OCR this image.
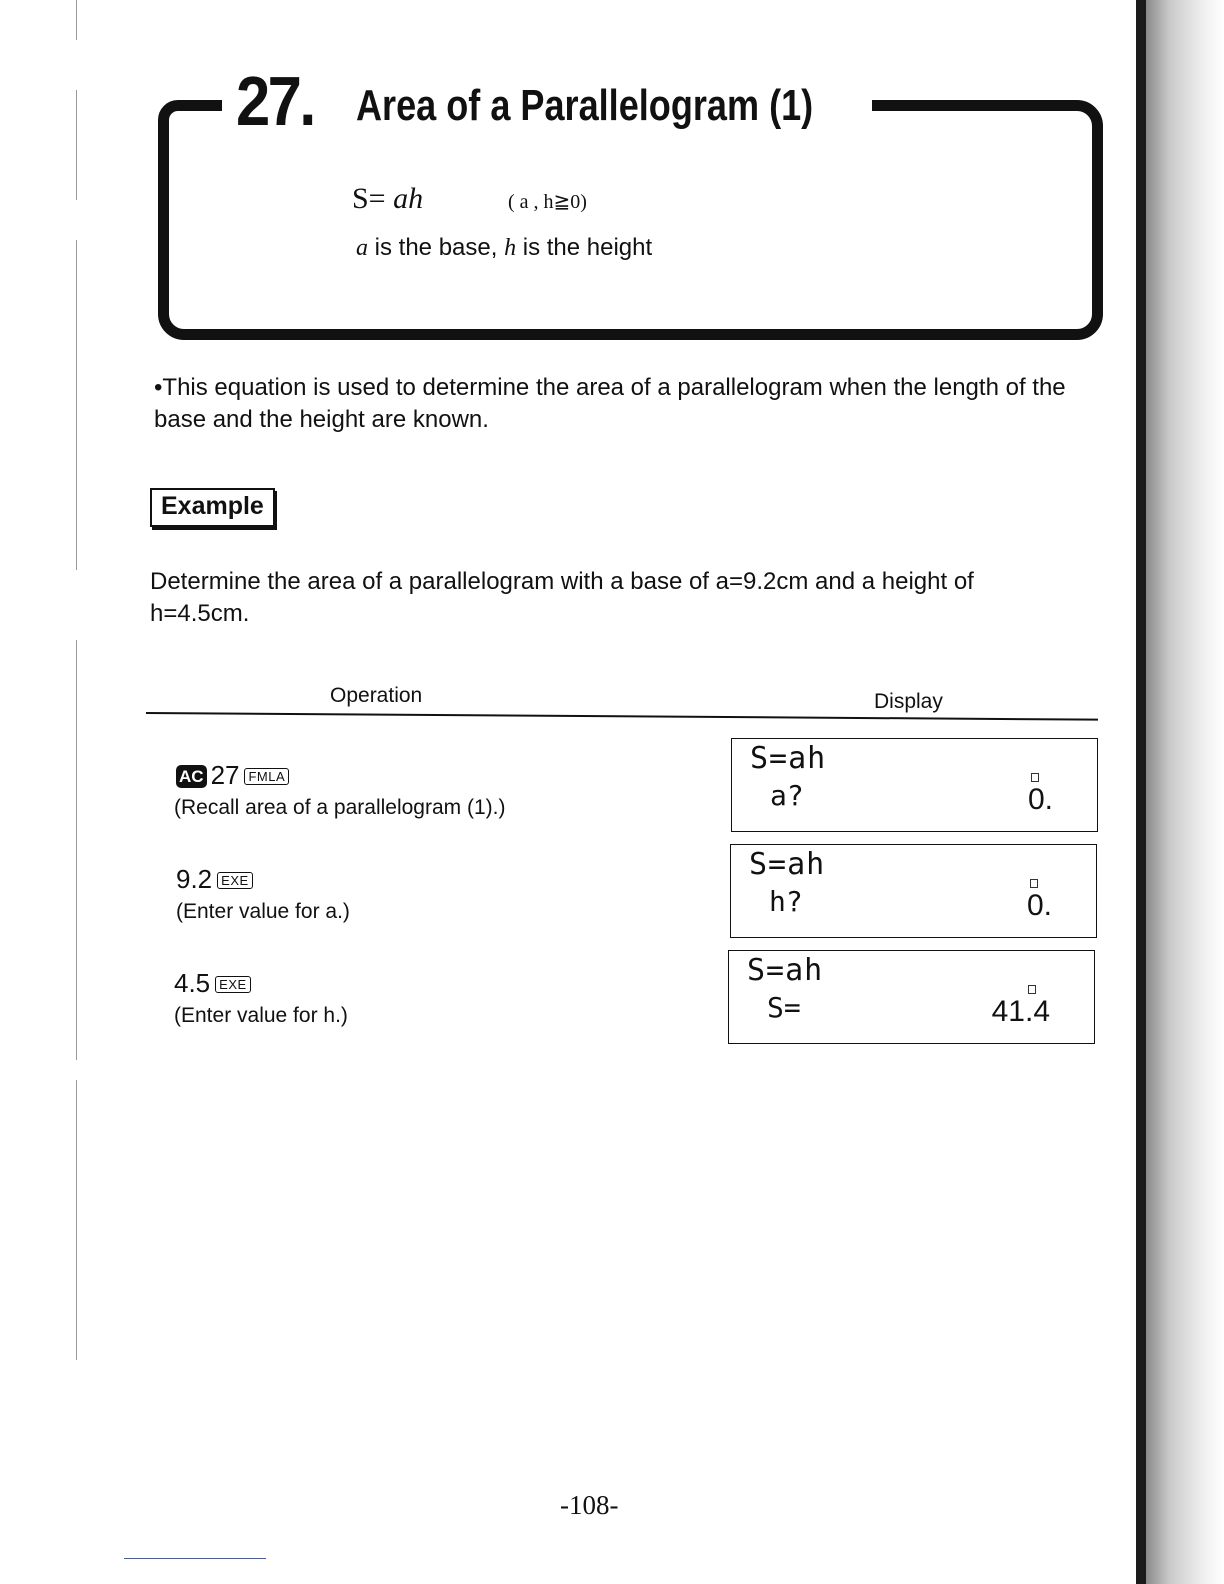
27. Area of a Parallelogram (1)
S= ah	( a , h≧0)
a is the base, h is the height
•This equation is used to determine the area of a parallelogram when the length of the base and the height are known.
Example
Determine the area of a parallelogram with a base of a=9.2cm and a height of
h=4.5cm.
Operation	Display
AC 27 FMLA
(Recall area of a parallelogram (1).)
S=ah
a?	0.
9.2 EXE
(Enter value for a.)
S=ah
h?	0.
4.5 EXE
(Enter value for h.)
S=ah
S=	41.4
-108-
